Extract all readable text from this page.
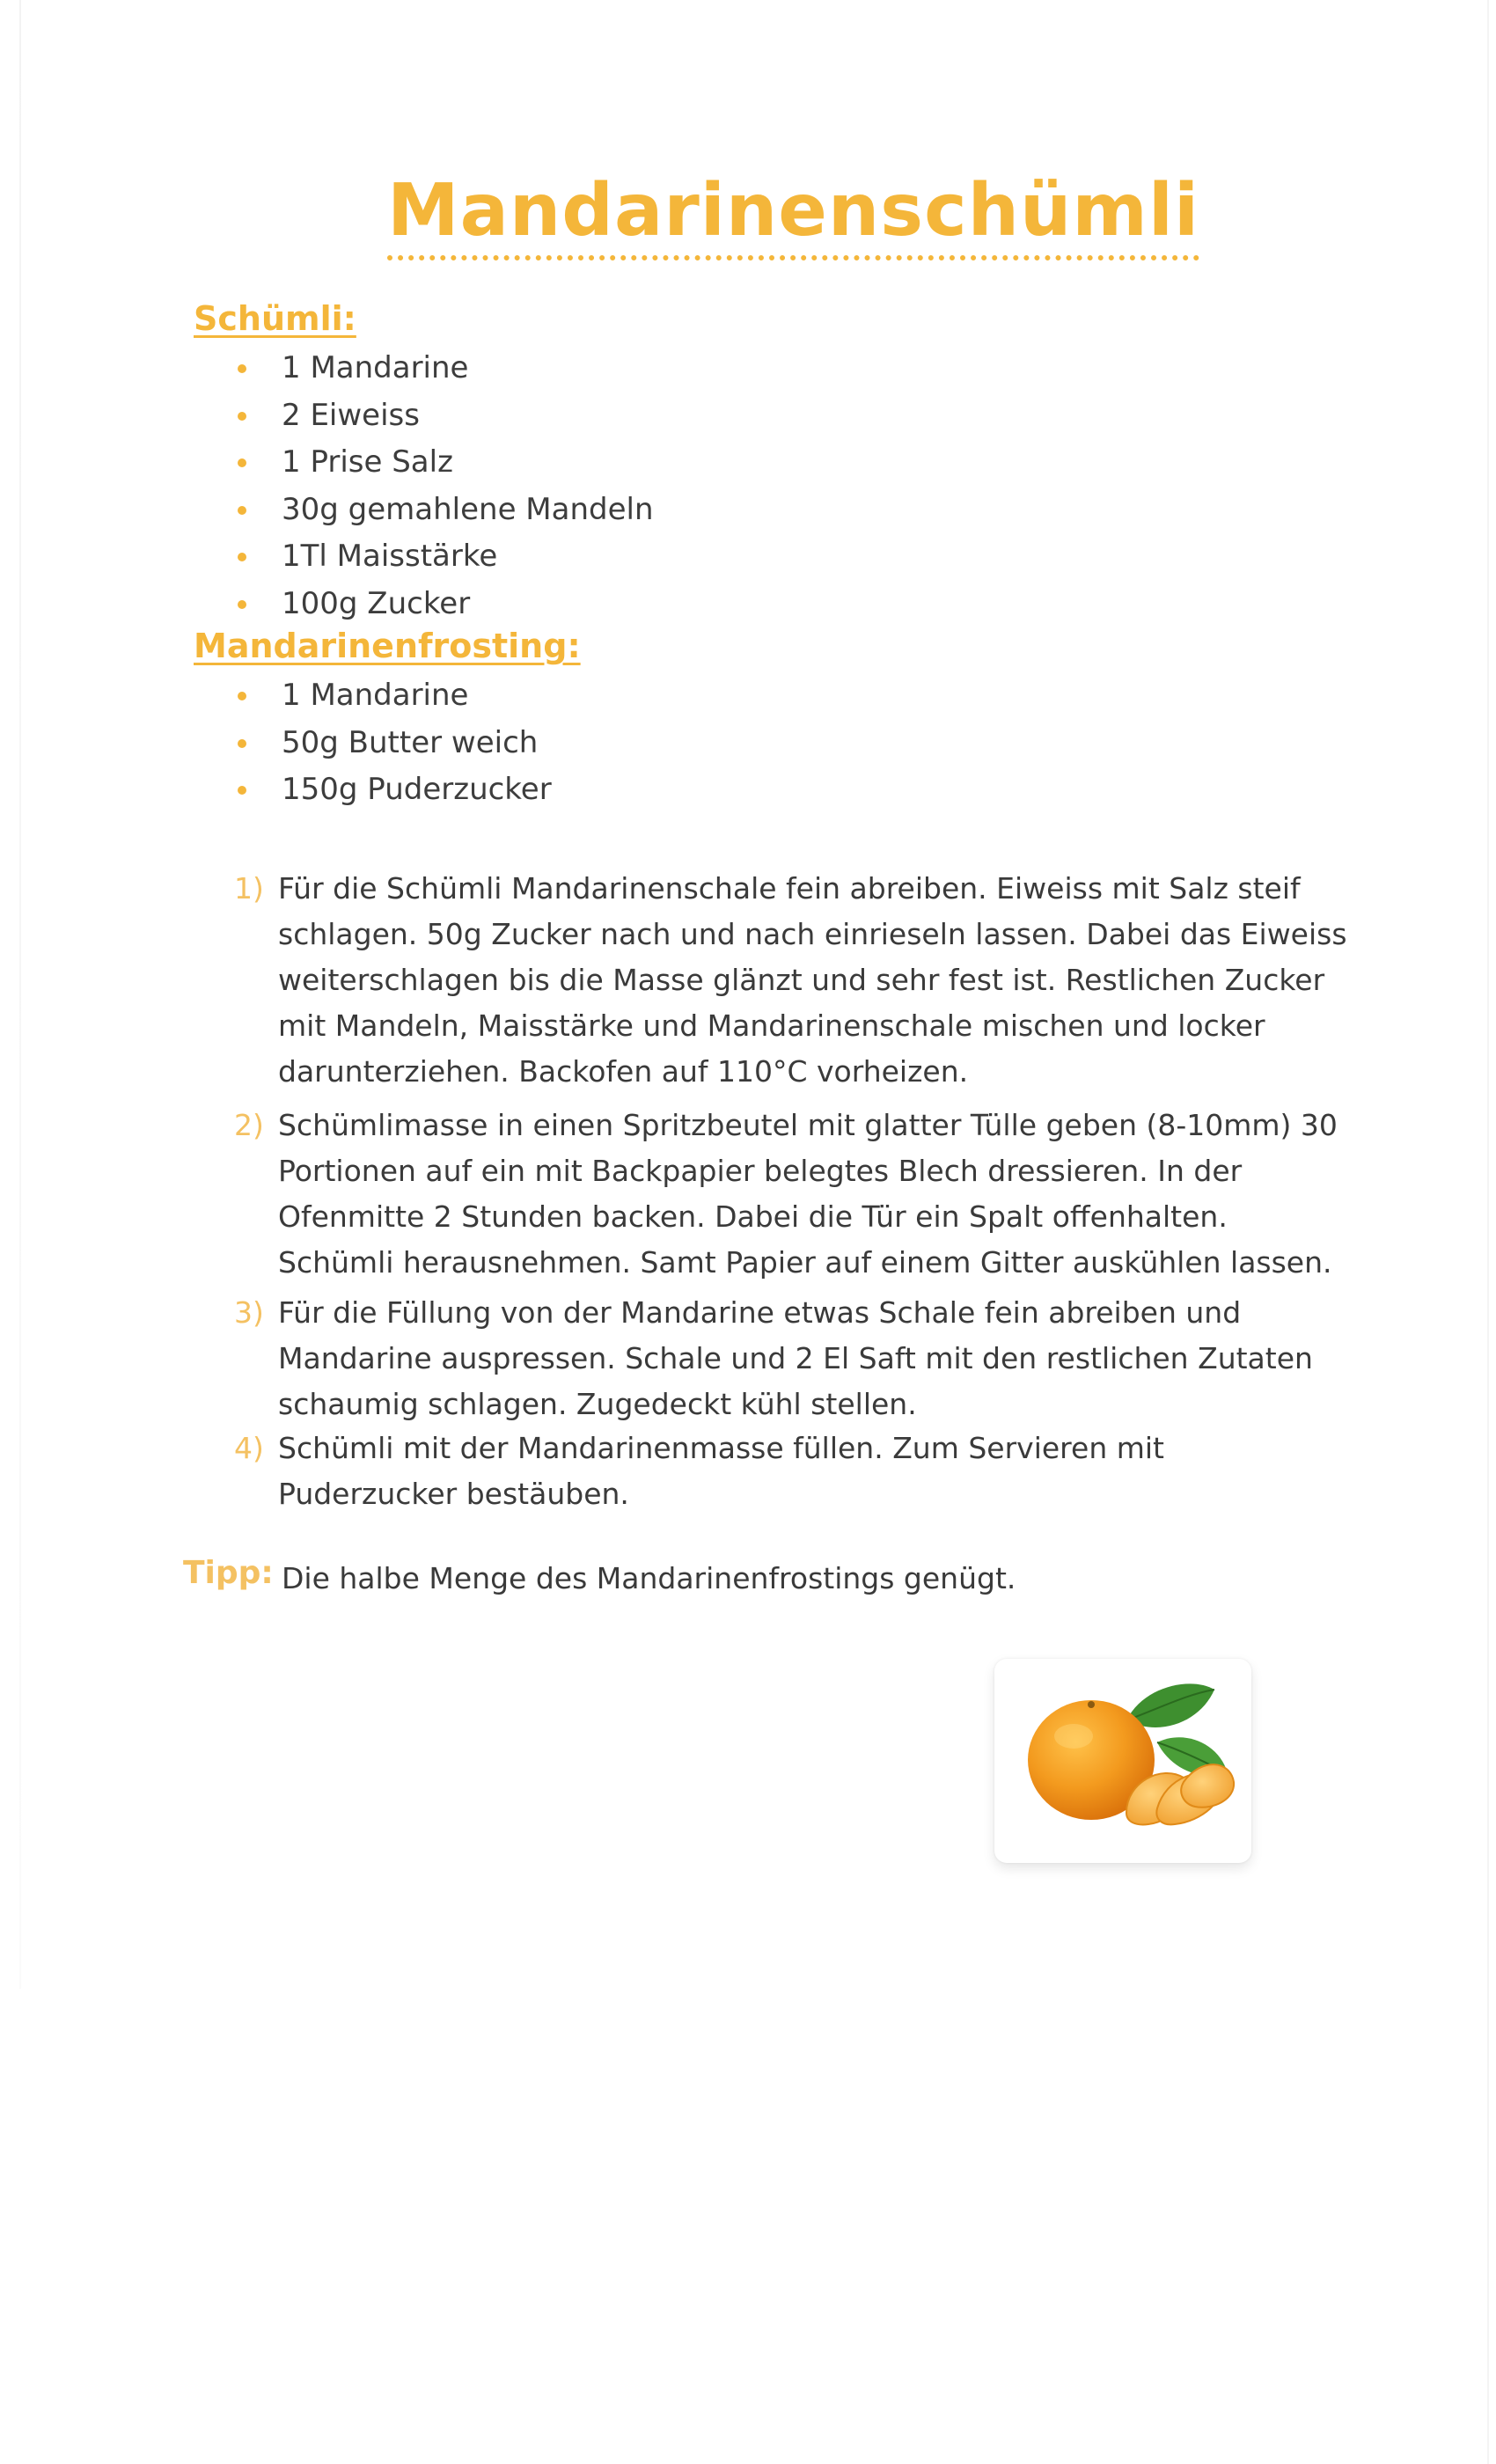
Mandarinenschümli
Schümli:
1 Mandarine
2 Eiweiss
1 Prise Salz
30g gemahlene Mandeln
1Tl Maisstärke
100g Zucker
Mandarinenfrosting:
1 Mandarine
50g Butter weich
150g Puderzucker
1) Für die Schümli Mandarinenschale fein abreiben. Eiweiss mit Salz steif schlagen. 50g Zucker nach und nach einrieseln lassen. Dabei das Eiweiss weiterschlagen bis die Masse glänzt und sehr fest ist. Restlichen Zucker mit Mandeln, Maisstärke und Mandarinenschale mischen und locker darunterziehen. Backofen auf 110°C vorheizen.

2) Schümlimasse in einen Spritzbeutel mit glatter Tülle geben (8-10mm) 30 Portionen auf ein mit Backpapier belegtes Blech dressieren. In der Ofenmitte 2 Stunden backen. Dabei die Tür ein Spalt offenhalten. Schümli herausnehmen. Samt Papier auf einem Gitter auskühlen lassen.

3) Für die Füllung von der Mandarine etwas Schale fein abreiben und Mandarine auspressen. Schale und 2 El Saft mit den restlichen Zutaten schaumig schlagen. Zugedeckt kühl stellen.

4) Schümli mit der Mandarinenmasse füllen. Zum Servieren mit Puderzucker bestäuben.

Tipp: Die halbe Menge des Mandarinenfrostings genügt.
